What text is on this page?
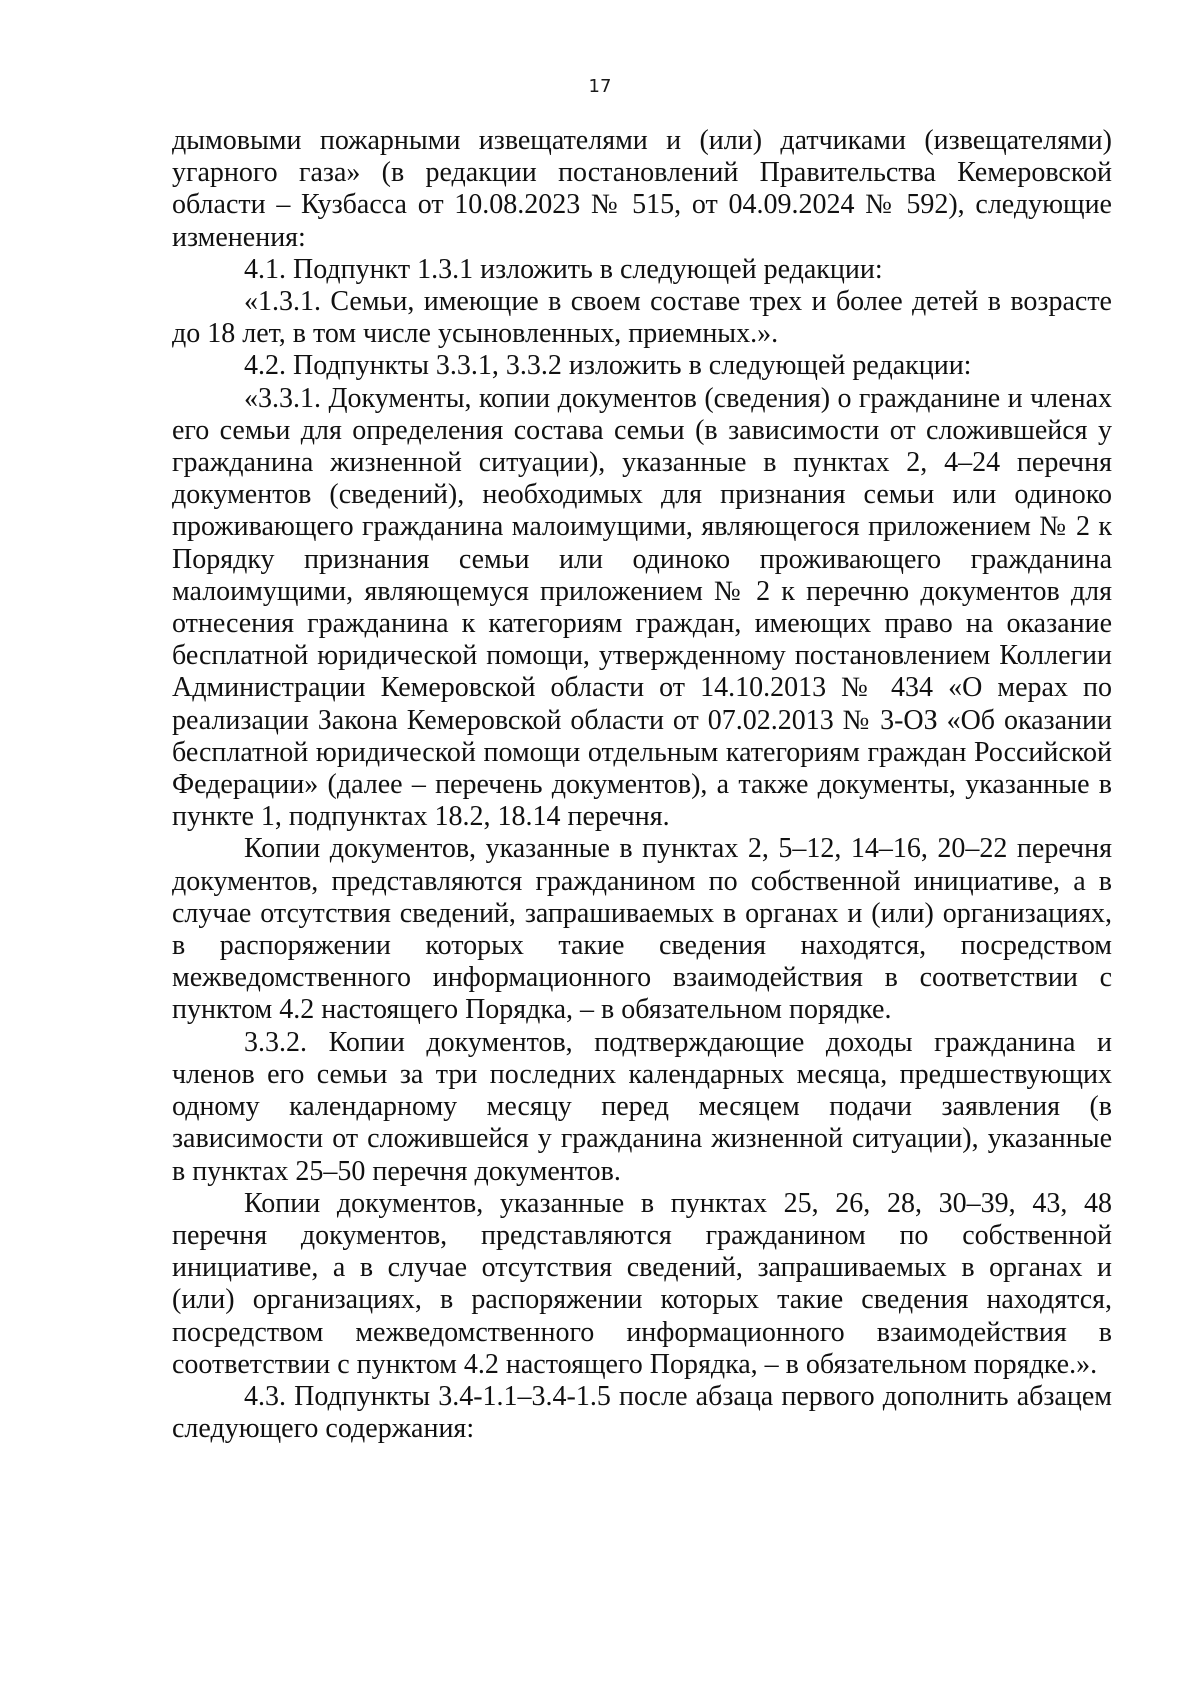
17

дымовыми пожарными извещателями и (или) датчиками (извещателями) угарного газа» (в редакции постановлений Правительства Кемеровской области – Кузбасса от 10.08.2023 № 515, от 04.09.2024 № 592), следующие изменения:

4.1. Подпункт 1.3.1 изложить в следующей редакции:

«1.3.1. Семьи, имеющие в своем составе трех и более детей в возрасте до 18 лет, в том числе усыновленных, приемных.».

4.2. Подпункты 3.3.1, 3.3.2 изложить в следующей редакции:

«3.3.1. Документы, копии документов (сведения) о гражданине и членах его семьи для определения состава семьи (в зависимости от сложившейся у гражданина жизненной ситуации), указанные в пунктах 2, 4–24 перечня документов (сведений), необходимых для признания семьи или одиноко проживающего гражданина малоимущими, являющегося приложением № 2 к Порядку признания семьи или одиноко проживающего гражданина малоимущими, являющемуся приложением № 2 к перечню документов для отнесения гражданина к категориям граждан, имеющих право на оказание бесплатной юридической помощи, утвержденному постановлением Коллегии Администрации Кемеровской области от 14.10.2013 № 434 «О мерах по реализации Закона Кемеровской области от 07.02.2013 № 3-ОЗ «Об оказании бесплатной юридической помощи отдельным категориям граждан Российской Федерации» (далее – перечень документов), а также документы, указанные в пункте 1, подпунктах 18.2, 18.14 перечня.

Копии документов, указанные в пунктах 2, 5–12, 14–16, 20–22 перечня документов, представляются гражданином по собственной инициативе, а в случае отсутствия сведений, запрашиваемых в органах и (или) организациях, в распоряжении которых такие сведения находятся, посредством межведомственного информационного взаимодействия в соответствии с пунктом 4.2 настоящего Порядка, – в обязательном порядке.

3.3.2. Копии документов, подтверждающие доходы гражданина и членов его семьи за три последних календарных месяца, предшествующих одному календарному месяцу перед месяцем подачи заявления (в зависимости от сложившейся у гражданина жизненной ситуации), указанные в пунктах 25–50 перечня документов.

Копии документов, указанные в пунктах 25, 26, 28, 30–39, 43, 48 перечня документов, представляются гражданином по собственной инициативе, а в случае отсутствия сведений, запрашиваемых в органах и (или) организациях, в распоряжении которых такие сведения находятся, посредством межведомственного информационного взаимодействия в соответствии с пунктом 4.2 настоящего Порядка, – в обязательном порядке.».

4.3. Подпункты 3.4-1.1–3.4-1.5 после абзаца первого дополнить абзацем следующего содержания:
